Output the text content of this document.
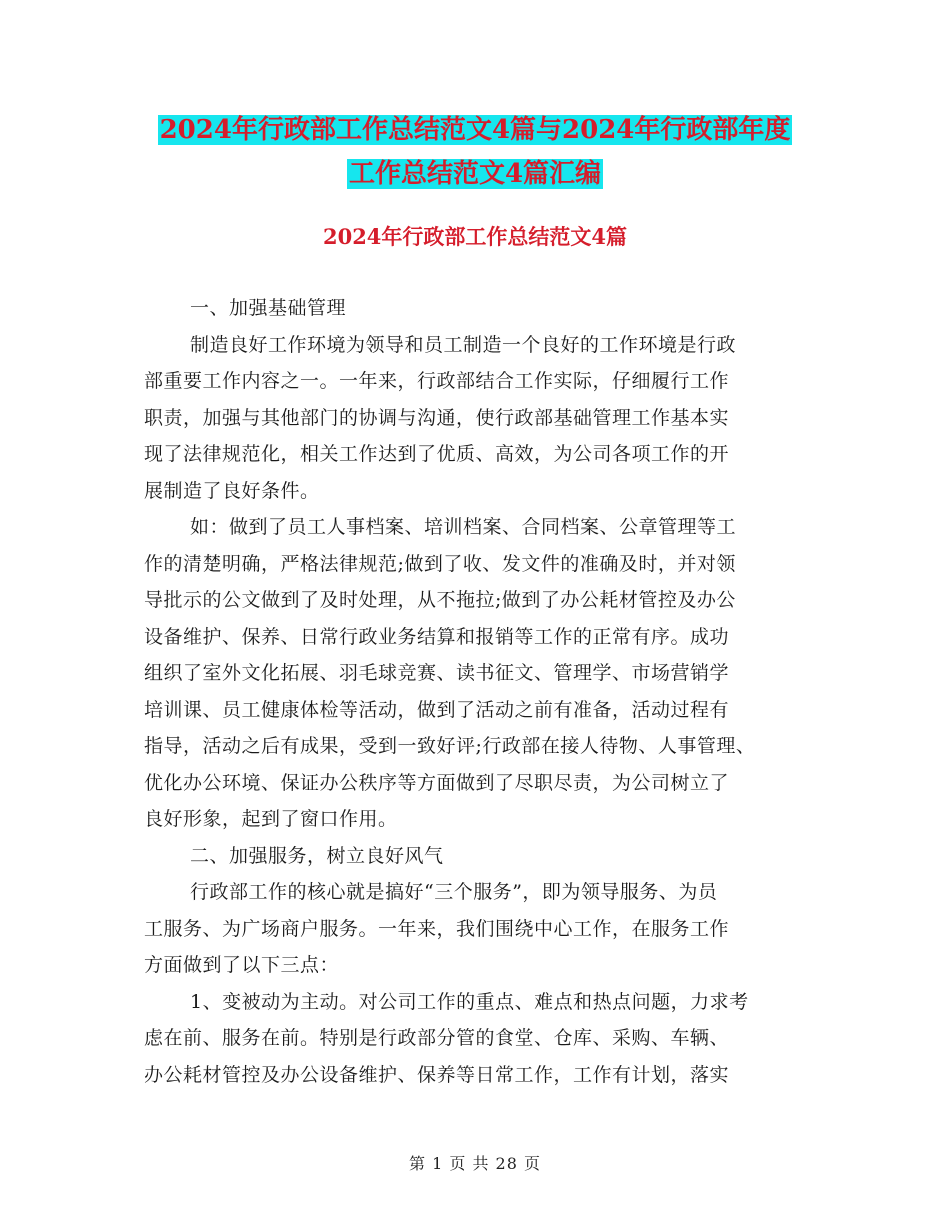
2024年行政部工作总结范文4篇与2024年行政部年度
工作总结范文4篇汇编
2024年行政部工作总结范文4篇
一、加强基础管理
制造良好工作环境为领导和员工制造一个良好的工作环境是行政
部重要工作内容之一。一年来，行政部结合工作实际，仔细履行工作
职责，加强与其他部门的协调与沟通，使行政部基础管理工作基本实
现了法律规范化，相关工作达到了优质、高效，为公司各项工作的开
展制造了良好条件。
如：做到了员工人事档案、培训档案、合同档案、公章管理等工
作的清楚明确，严格法律规范;做到了收、发文件的准确及时，并对领
导批示的公文做到了及时处理，从不拖拉;做到了办公耗材管控及办公
设备维护、保养、日常行政业务结算和报销等工作的正常有序。成功
组织了室外文化拓展、羽毛球竞赛、读书征文、管理学、市场营销学
培训课、员工健康体检等活动，做到了活动之前有准备，活动过程有
指导，活动之后有成果，受到一致好评;行政部在接人待物、人事管理、
优化办公环境、保证办公秩序等方面做到了尽职尽责，为公司树立了
良好形象，起到了窗口作用。
二、加强服务，树立良好风气
行政部工作的核心就是搞好“三个服务”，即为领导服务、为员
工服务、为广场商户服务。一年来，我们围绕中心工作，在服务工作
方面做到了以下三点：
1、变被动为主动。对公司工作的重点、难点和热点问题，力求考
虑在前、服务在前。特别是行政部分管的食堂、仓库、采购、车辆、
办公耗材管控及办公设备维护、保养等日常工作，工作有计划，落实
第 1 页 共 28 页
